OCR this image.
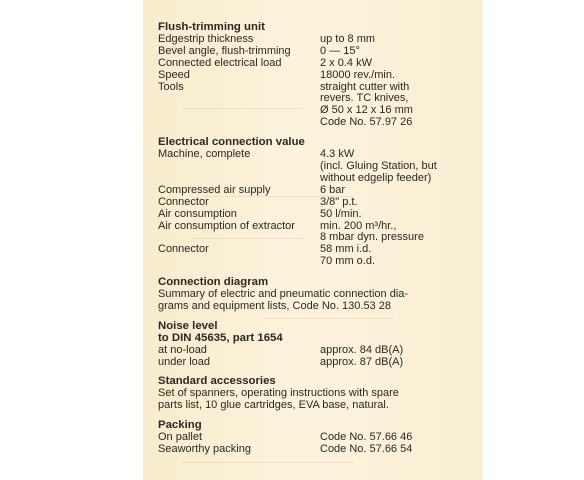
Flush-trimming unit
Edgestrip thickness	up to 8 mm
Bevel angle, flush-trimming	0 — 15°
Connected electrical load	2 x 0.4 kW
Speed	18000 rev./min.
Tools	straight cutter with
revers. TC knives,
Ø 50 x 12 x 16 mm
Code No. 57.97 26
Electrical connection value
Machine, complete	4.3 kW
(incl. Gluing Station, but
without edgelip feeder)
Compressed air supply	6 bar
Connector	3/8" p.t.
Air consumption	50 l/min.
Air consumption of extractor	min. 200 m³/hr.,
8 mbar dyn. pressure
Connector	58 mm i.d.
70 mm o.d.
Connection diagram
Summary of electric and pneumatic connection dia-
grams and equipment lists, Code No. 130.53 28
Noise level
to DIN 45635, part 1654
at no-load	approx. 84 dB(A)
under load	approx. 87 dB(A)
Standard accessories
Set of spanners, operating instructions with spare
parts list, 10 glue cartridges, EVA base, natural.
Packing
On pallet	Code No. 57.66 46
Seaworthy packing	Code No. 57.66 54
